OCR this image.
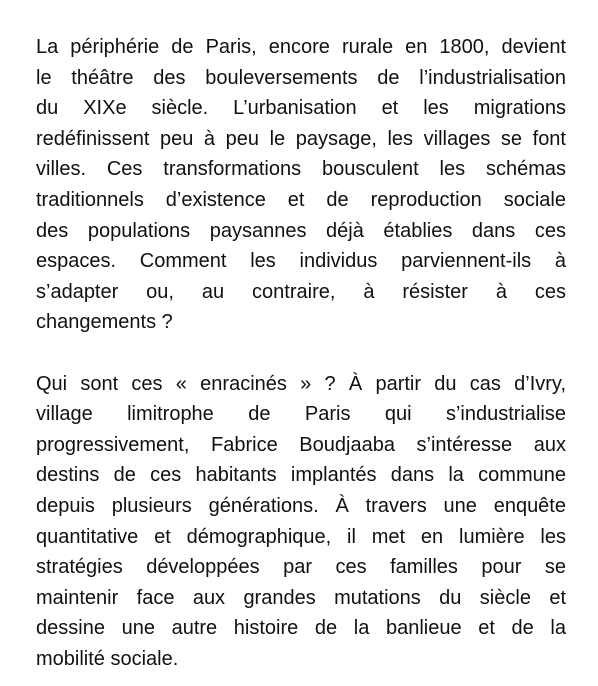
La périphérie de Paris, encore rurale en 1800, devient
le théâtre des bouleversements de l’industrialisation
du XIXe siècle. L’urbanisation et les migrations
redéfinissent peu à peu le paysage, les villages se font
villes. Ces transformations bousculent les schémas
traditionnels d’existence et de reproduction sociale
des populations paysannes déjà établies dans ces
espaces. Comment les individus parviennent-ils à
s’adapter ou, au contraire, à résister à ces
changements ?

Qui sont ces « enracinés » ? À partir du cas d’Ivry,
village limitrophe de Paris qui s’industrialise
progressivement, Fabrice Boudjaaba s’intéresse aux
destins de ces habitants implantés dans la commune
depuis plusieurs générations. À travers une enquête
quantitative et démographique, il met en lumière les
stratégies développées par ces familles pour se
maintenir face aux grandes mutations du siècle et
dessine une autre histoire de la banlieue et de la
mobilité sociale.
